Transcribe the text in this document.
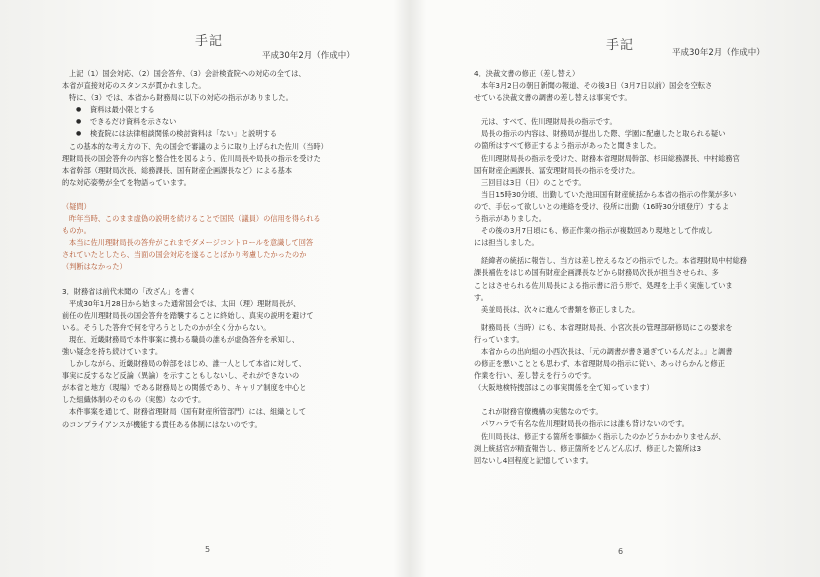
手記
平成30年2月（作成中）

上記（1）国会対応、（2）国会答弁、（3）会計検査院への対応の全ては、

本省が直接対応のスタンスが貫かれました。

特に、（3）では、本省から財務局に以下の対応の指示がありました。

● 資料は最小限とする

● できるだけ資料を示さない

● 検査院には法律相談関係の検討資料は「ない」と説明する

この基本的な考え方の下、先の国会で審議のように取り上げられた佐川（当時）

理財局長の国会答弁の内容と整合性を図るよう、佐川局長や局長の指示を受けた

本省幹部（理財局次長、総務課長、国有財産企画課長など）による基本

的な対応姿勢が全てを物語っています。

（疑問）

昨年当時、このまま虚偽の説明を続けることで国民（議員）の信用を得られる

ものか。

本当に佐川理財局長の答弁がこれまでダメージコントロールを意識して回答

されていたとしたら、当面の国会対応を遂ることばかり考慮したかったのか

（判断はなかった）

3．財務省は前代未聞の「改ざん」を書く

平成30年1月28日から始まった通常国会では、太田（理）理財局長が、

前任の佐川理財局長の国会答弁を踏襲することに終始し、真実の説明を避けて

いる。そうした答弁で何を守ろうとしたのかが全く分からない。

現在、近畿財務局で本件事案に携わる職員の誰もが虚偽答弁を承知し、

強い疑念を持ち続けています。

しかしながら、近畿財務局の幹部をはじめ、誰一人として本省に対して、

事実に反するなど反論（異論）を示すこともしないし、それができないの

が本省と地方（現場）である財務局との関係であり、キャリア制度を中心と

した組織体制のそのもの（実態）なのです。

本件事案を通じて、財務省理財局（国有財産所管部門）には、組織として

のコンプライアンスが機能する責任ある体制にはないのです。

5
手記	平成30年2月（作成中）

4．決裁文書の修正（差し替え）

本年3月2日の朝日新聞の報道、その後3日（3月7日以前）国会を空転さ

せている決裁文書の調書の差し替えは事実です。

元は、すべて、佐川理財局長の指示です。

局長の指示の内容は、財務局が提出した際、学園に配慮したと取られる疑い

の箇所はすべて修正するよう指示があったと聞きました。

佐川理財局長の指示を受けた、財務本省理財局幹部、杉田総務課長、中村総務官

国有財産企画課長、冨安理財局長の指示を受けた。

三回目は3日（日）のことです。

当日15時30分頃、出勤していた池田国有財産統括から本省の指示の作業が多い

ので、手伝って欲しいとの連絡を受け、役所に出勤（16時30分頃登庁）するよ

う指示がありました。

その後の3月7日頃にも、修正作業の指示が複数回あり現地として作成し

には担当しました。

経緯者の統括に報告し、当方は差し控えるなどの指示でした。本省理財局中村総務

課長補佐をはじめ国有財産企画課長などから財務局次長が担当させられ、多

ことはさせられる佐川局長による指示書に沿う形で、処理を上手く実施していま

す。

美並局長は、次々に進んで書類を修正しました。

財務局長（当時）にも、本省理財局長、小宮次長の管理部研修局にこの要求を

行っています。

本省からの出向組の小西次長は、「元の調書が書き過ぎているんだよ。」と調書

の修正を悪いこととも思わず、本省理財局の指示に従い、あっけらかんと修正

作業を行い、差し替えを行うのです。

（大阪地検特捜部はこの事実関係を全て知っています）

これが財務官僚機構の実態なのです。

パワハラで有名な佐川理財局長の指示には誰も背けないのです。

佐川局長は、修正する箇所を事細かく指示したのかどうかわかりませんが、

渕上統括官が精査報告し、修正箇所をどんどん広げ、修正した箇所は3

回ないし4回程度と記憶しています。

6
